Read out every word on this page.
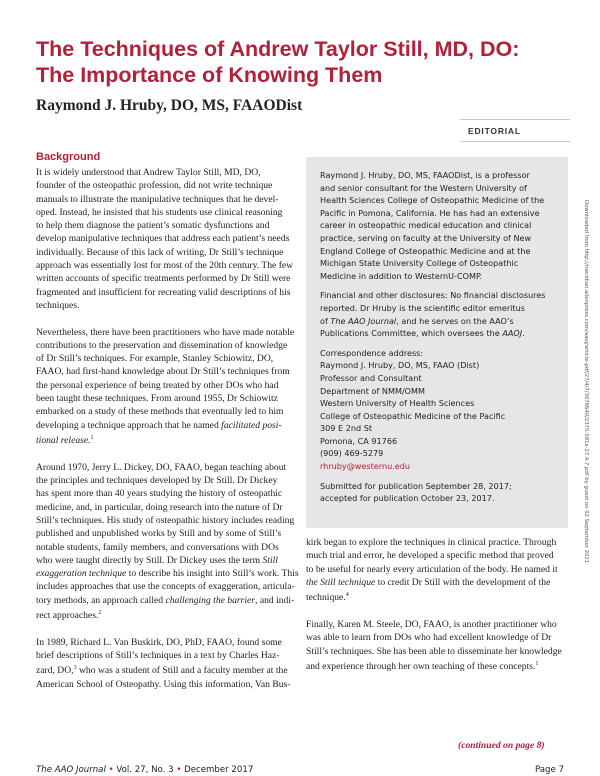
The Techniques of Andrew Taylor Still, MD, DO:
The Importance of Knowing Them
Raymond J. Hruby, DO, MS, FAAODist
EDITORIAL
Background

It is widely understood that Andrew Taylor Still, MD, DO,
founder of the osteopathic profession, did not write technique
manuals to illustrate the manipulative techniques that he devel-
oped. Instead, he insisted that his students use clinical reasoning
to help them diagnose the patient’s somatic dysfunctions and
develop manipulative techniques that address each patient’s needs
individually. Because of this lack of writing, Dr Still’s technique
approach was essentially lost for most of the 20th century. The few
written accounts of specific treatments performed by Dr Still were
fragmented and insufficient for recreating valid descriptions of his
techniques.

Nevertheless, there have been practitioners who have made notable
contributions to the preservation and dissemination of knowledge
of Dr Still’s techniques. For example, Stanley Schiowitz, DO,
FAAO, had first-hand knowledge about Dr Still’s techniques from
the personal experience of being treated by other DOs who had
been taught these techniques. From around 1955, Dr Schiowitz
embarked on a study of these methods that eventually led to him
developing a technique approach that he named facilitated posi-
tional release.$^1$

Around 1970, Jerry L. Dickey, DO, FAAO, began teaching about
the principles and techniques developed by Dr Still. Dr Dickey
has spent more than 40 years studying the history of osteopathic
medicine, and, in particular, doing research into the nature of Dr
Still’s techniques. His study of osteopathic history includes reading
published and unpublished works by Still and by some of Still’s
notable students, family members, and conversations with DOs
who were taught directly by Still. Dr Dickey uses the term Still
exaggeration technique to describe his insight into Still’s work. This
includes approaches that use the concepts of exaggeration, articula-
tory methods, an approach called challenging the barrier, and indi-
rect approaches.$^2$

In 1989, Richard L. Van Buskirk, DO, PhD, FAAO, found some
brief descriptions of Still’s techniques in a text by Charles Haz-
zard, DO,$^3$ who was a student of Still and a faculty member at the
American School of Osteopathy. Using this information, Van Bus-

Raymond J. Hruby, DO, MS, FAAODist, is a professor
and senior consultant for the Western University of
Health Sciences College of Osteopathic Medicine of the
Pacific in Pomona, California. He has had an extensive
career in osteopathic medical education and clinical
practice, serving on faculty at the University of New
England College of Osteopathic Medicine and at the
Michigan State University College of Osteopathic
Medicine in addition to WesternU-COMP.
Financial and other disclosures: No financial disclosures
reported. Dr Hruby is the scientific editor emeritus
of The AAO Journal, and he serves on the AAO’s
Publications Committee, which oversees the AAOJ.
Correspondence address:
Raymond J. Hruby, DO, MS, FAAO (Dist)
Professor and Consultant
Department of NMM/OMM
Western University of Health Sciences
College of Osteopathic Medicine of the Pacific
309 E 2nd St
Pomona, CA 91766
(909) 469-5279
rhruby@westernu.edu
Submitted for publication September 28, 2017;
accepted for publication October 23, 2017.

kirk began to explore the techniques in clinical practice. Through
much trial and error, he developed a specific method that proved
to be useful for nearly every articulation of the body. He named it
the Still technique to credit Dr Still with the development of the
technique.$^4$

Finally, Karen M. Steele, DO, FAAO, is another practitioner who
was able to learn from DOs who had excellent knowledge of Dr
Still’s techniques. She has been able to disseminate her knowledge
and experience through her own teaching of these concepts.$^1$

(continued on page 8)
Downloaded from http://meridian.allenpress.com/aaoj/article-pdf/27/4/7/3078640/2375-581x-27.4.7.pdf by guest on 02 September 2021
The AAO Journal • Vol. 27, No. 3 • December 2017	Page 7
